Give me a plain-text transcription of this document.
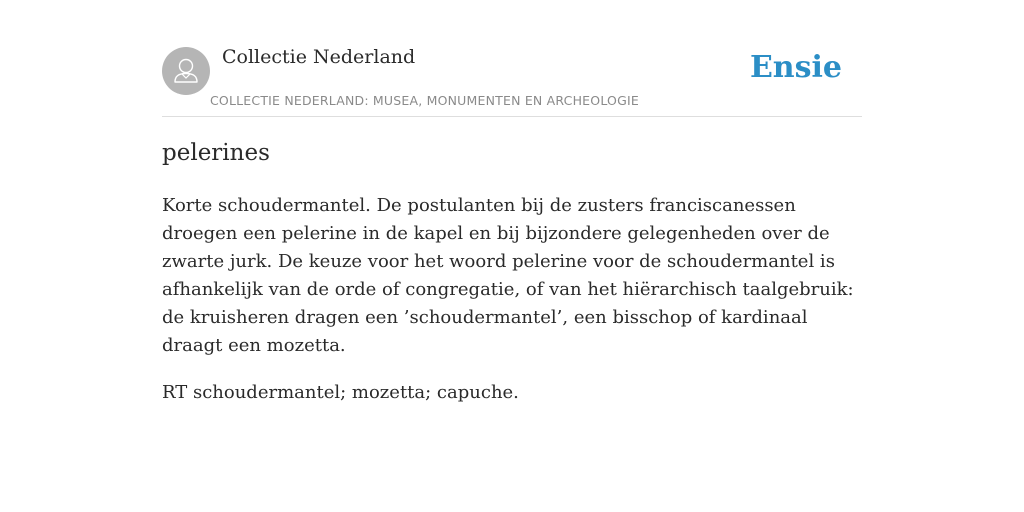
Collectie Nederland
COLLECTIE NEDERLAND: MUSEA, MONUMENTEN EN ARCHEOLOGIE
Ensie
pelerines

Korte schoudermantel. De postulanten bij de zusters franciscanessen droegen een pelerine in de kapel en bij bijzondere gelegenheden over de zwarte jurk. De keuze voor het woord pelerine voor de schoudermantel is afhankelijk van de orde of congregatie, of van het hiërarchisch taalgebruik: de kruisheren dragen een ’schoudermantel’, een bisschop of kardinaal draagt een mozetta.

RT schoudermantel; mozetta; capuche.
